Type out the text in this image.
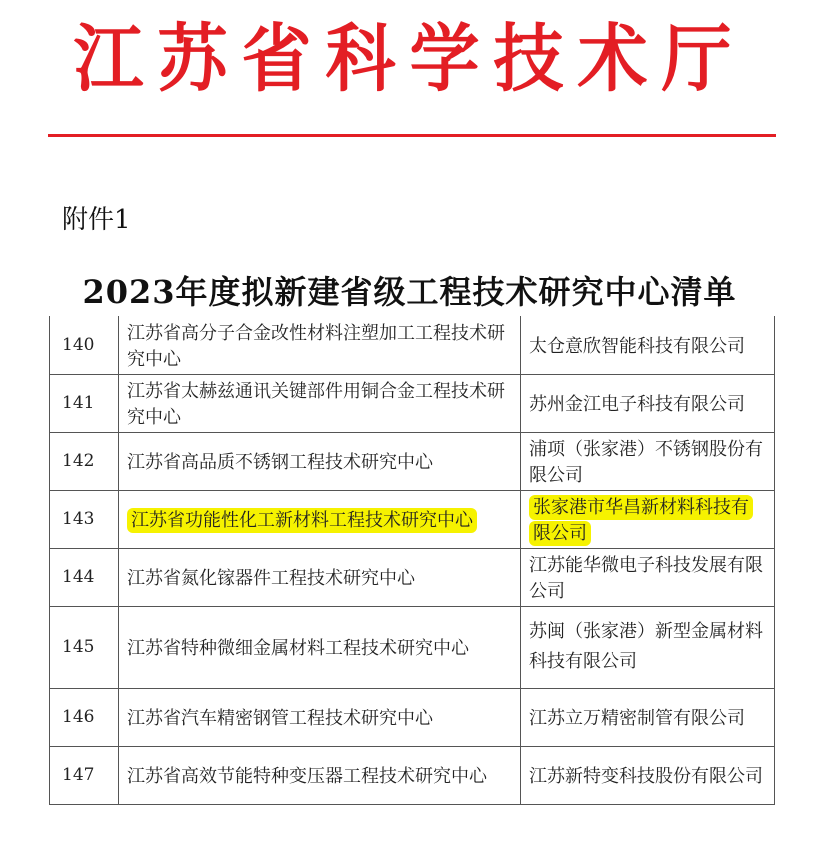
江苏省科学技术厅
附件1
2023年度拟新建省级工程技术研究中心清单
140	江苏省高分子合金改性材料注塑加工工程技术研究中心	太仓意欣智能科技有限公司
141	江苏省太赫兹通讯关键部件用铜合金工程技术研究中心	苏州金江电子科技有限公司
142	江苏省高品质不锈钢工程技术研究中心	浦项（张家港）不锈钢股份有限公司
143	江苏省功能性化工新材料工程技术研究中心	张家港市华昌新材料科技有限公司
144	江苏省氮化镓器件工程技术研究中心	江苏能华微电子科技发展有限公司
145	江苏省特种微细金属材料工程技术研究中心	苏闽（张家港）新型金属材料科技有限公司
146	江苏省汽车精密钢管工程技术研究中心	江苏立万精密制管有限公司
147	江苏省高效节能特种变压器工程技术研究中心	江苏新特变科技股份有限公司
